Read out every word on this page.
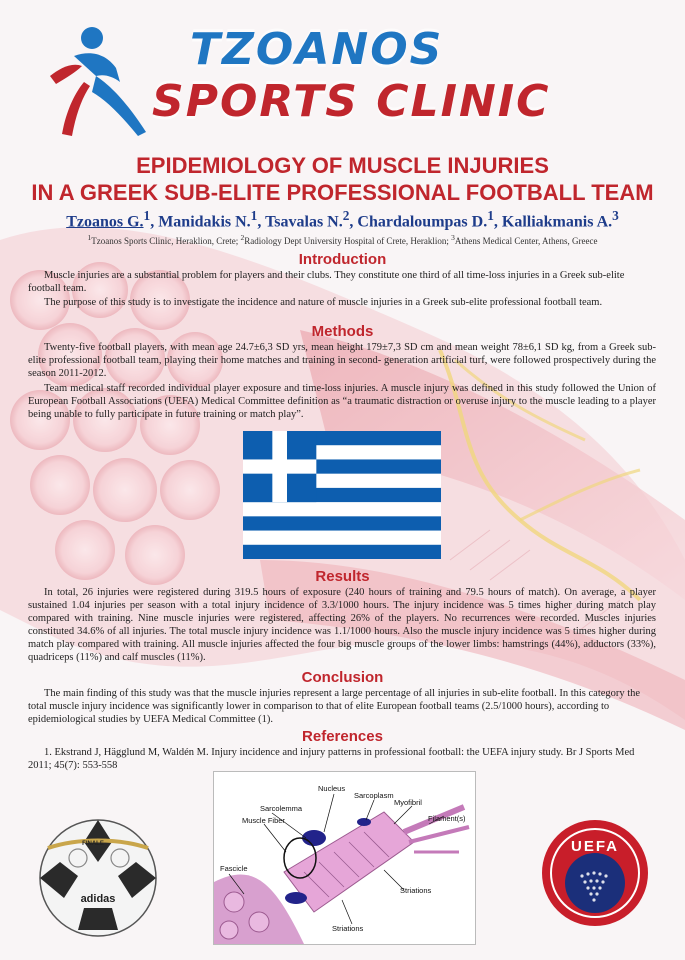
TZOANOS
SPORTS CLINIC
EPIDEMIOLOGY OF MUSCLE INJURIES
IN A GREEK SUB-ELITE PROFESSIONAL FOOTBALL TEAM
Tzoanos G.$^1$, Manidakis N.$^1$, Tsavalas N.$^2$, Chardaloumpas D.$^1$, Kalliakmanis A.$^3$
$^1$Tzoanos Sports Clinic, Heraklion, Crete; $^2$Radiology Dept University Hospital of Crete, Heraklion; $^3$Athens Medical Center, Athens, Greece
Introduction
Muscle injuries are a substantial problem for players and their clubs. They constitute one third of all time-loss injuries in a Greek sub-elite football team.
The purpose of this study is to investigate the incidence and nature of muscle injuries in a Greek sub-elite professional football team.
Methods
Twenty-five football players, with mean age 24.7±6,3 SD yrs, mean height 179±7,3 SD cm and mean weight 78±6,1 SD kg, from a Greek sub-elite professional football team, playing their home matches and training in second- generation artificial turf, were followed prospectively during the season 2011-2012.
Team medical staff recorded individual player exposure and time-loss injuries. A muscle injury was defined in this study followed the Union of European Football Associations (UEFA) Medical Committee definition as “a traumatic distraction or overuse injury to the muscle leading to a player being unable to fully participate in future training or match play”.
Results
In total, 26 injuries were registered during 319.5 hours of exposure (240 hours of training and 79.5 hours of match). On average, a player sustained 1.04 injuries per season with a total injury incidence of 3.3/1000 hours. The injury incidence was 5 times higher during match play compared with training. Nine muscle injuries were registered, affecting 26% of the players. No recurrences were recorded. Muscles injuries constituted 34.6% of all injuries. The total muscle injury incidence was 1.1/1000 hours. Also the muscle injury incidence was 5 times higher during match play compared with training. All muscle injuries affected the four big muscle groups of the lower limbs: hamstrings (44%), adductors (33%), quadriceps (11%) and calf muscles (11%).
Conclusion
The main finding of this study was that the muscle injuries represent a large percentage of all injuries in sub-elite football. In this category the total muscle injury incidence was significantly lower in comparison to that of elite European football teams (2.5/1000 hours), according to epidemiological studies by UEFA Medical Committee (1).
References
1. Ekstrand J, Hägglund M, Waldén M. Injury incidence and injury patterns in professional football: the UEFA injury study. Br J Sports Med 2011; 45(7): 553-558
FINALE
adidas
Sarcolemma
Nucleus
Sarcoplasm
Myofibril
Muscle Fiber	Filament(s)
Fascicle
Striations
Striations
UEFA
